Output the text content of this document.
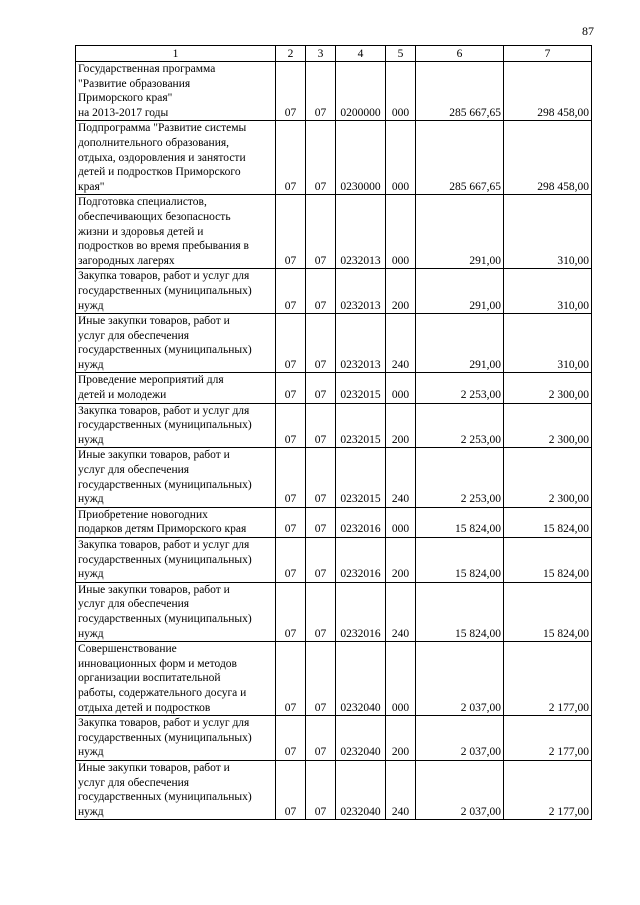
87
1	2	3	4	5	6	7
Государственная программа
"Развитие образования
Приморского края"
на 2013-2017 годы	07	07	0200000	000	285 667,65	298 458,00
Подпрограмма "Развитие системы
дополнительного образования,
отдыха, оздоровления и занятости
детей и подростков Приморского
края"	07	07	0230000	000	285 667,65	298 458,00
Подготовка специалистов,
обеспечивающих безопасность
жизни и здоровья детей и
подростков во время пребывания в
загородных лагерях	07	07	0232013	000	291,00	310,00
Закупка товаров, работ и услуг для
государственных (муниципальных)
нужд	07	07	0232013	200	291,00	310,00
Иные закупки товаров, работ и
услуг для обеспечения
государственных (муниципальных)
нужд	07	07	0232013	240	291,00	310,00
Проведение мероприятий для
детей и молодежи	07	07	0232015	000	2 253,00	2 300,00
Закупка товаров, работ и услуг для
государственных (муниципальных)
нужд	07	07	0232015	200	2 253,00	2 300,00
Иные закупки товаров, работ и
услуг для обеспечения
государственных (муниципальных)
нужд	07	07	0232015	240	2 253,00	2 300,00
Приобретение новогодних
подарков детям Приморского края	07	07	0232016	000	15 824,00	15 824,00
Закупка товаров, работ и услуг для
государственных (муниципальных)
нужд	07	07	0232016	200	15 824,00	15 824,00
Иные закупки товаров, работ и
услуг для обеспечения
государственных (муниципальных)
нужд	07	07	0232016	240	15 824,00	15 824,00
Совершенствование
инновационных форм и методов
организации воспитательной
работы, содержательного досуга и
отдыха детей и подростков	07	07	0232040	000	2 037,00	2 177,00
Закупка товаров, работ и услуг для
государственных (муниципальных)
нужд	07	07	0232040	200	2 037,00	2 177,00
Иные закупки товаров, работ и
услуг для обеспечения
государственных (муниципальных)
нужд	07	07	0232040	240	2 037,00	2 177,00
